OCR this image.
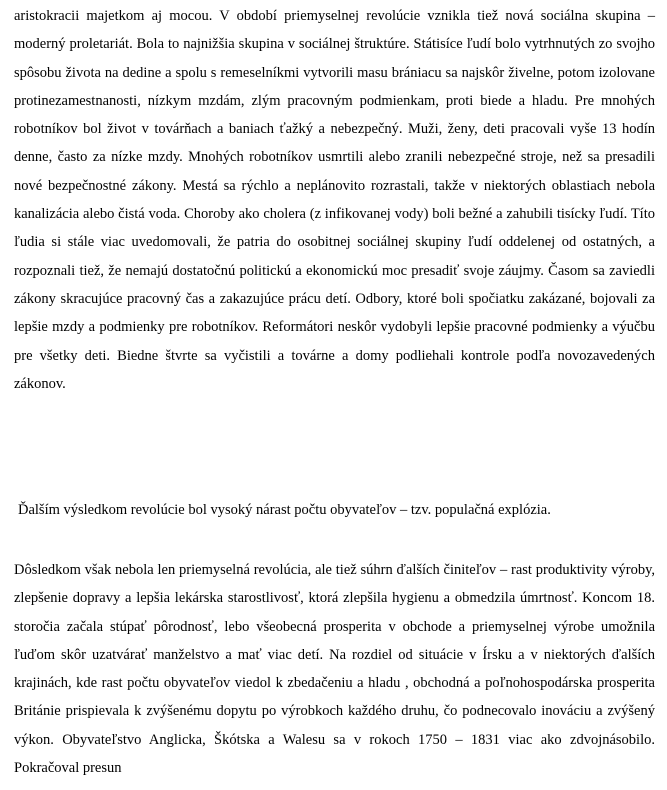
aristokracii majetkom aj mocou. V období priemyselnej revolúcie vznikla tiež nová sociálna skupina – moderný proletariát. Bola to najnižšia skupina v sociálnej štruktúre. Státisíce ľudí bolo vytrhnutých zo svojho spôsobu života na dedine a spolu s remeselníkmi vytvorili masu brániacu sa najskôr živelne, potom izolovane protinezamestnanosti, nízkym mzdám, zlým pracovným podmienkam, proti biede a hladu. Pre mnohých robotníkov bol život v továrňach a baniach ťažký a nebezpečný. Muži, ženy, deti pracovali vyše 13 hodín denne, často za nízke mzdy. Mnohých robotníkov usmrtili alebo zranili nebezpečné stroje, než sa presadili nové bezpečnostné zákony. Mestá sa rýchlo a neplánovito rozrastali, takže v niektorých oblastiach nebola kanalizácia alebo čistá voda. Choroby ako cholera (z infikovanej vody) boli bežné a zahubili tisícky ľudí. Títo ľudia si stále viac uvedomovali, že patria do osobitnej sociálnej skupiny ľudí oddelenej od ostatných, a rozpoznali tiež, že nemajú dostatočnú politickú a ekonomickú moc presadiť svoje záujmy. Časom sa zaviedli zákony skracujúce pracovný čas a zakazujúce prácu detí. Odbory, ktoré boli spočiatku zakázané, bojovali za lepšie mzdy a podmienky pre robotníkov. Reformátori neskôr vydobyli lepšie pracovné podmienky a výučbu pre všetky deti. Biedne štvrte sa vyčistili a továrne a domy podliehali kontrole podľa novozavedených zákonov.

Ďalším výsledkom revolúcie bol vysoký nárast počtu obyvateľov – tzv. populačná explózia.

Dôsledkom však nebola len priemyselná revolúcia, ale tiež súhrn ďalších činiteľov – rast produktivity výroby, zlepšenie dopravy a lepšia lekárska starostlivosť, ktorá zlepšila hygienu a obmedzila úmrtnosť. Koncom 18. storočia začala stúpať pôrodnosť, lebo všeobecná prosperita v obchode a priemyselnej výrobe umožnila ľuďom skôr uzatvárať manželstvo a mať viac detí. Na rozdiel od situácie v Írsku a v niektorých ďalších krajinách, kde rast počtu obyvateľov viedol k zbedačeniu a hladu , obchodná a poľnohospodárska prosperita Británie prispievala k zvýšenému dopytu po výrobkoch každého druhu, čo podnecovalo inováciu a zvýšený výkon. Obyvateľstvo Anglicka, Škótska a Walesu sa v rokoch 1750 – 1831 viac ako zdvojnásobilo. Pokračoval presun
